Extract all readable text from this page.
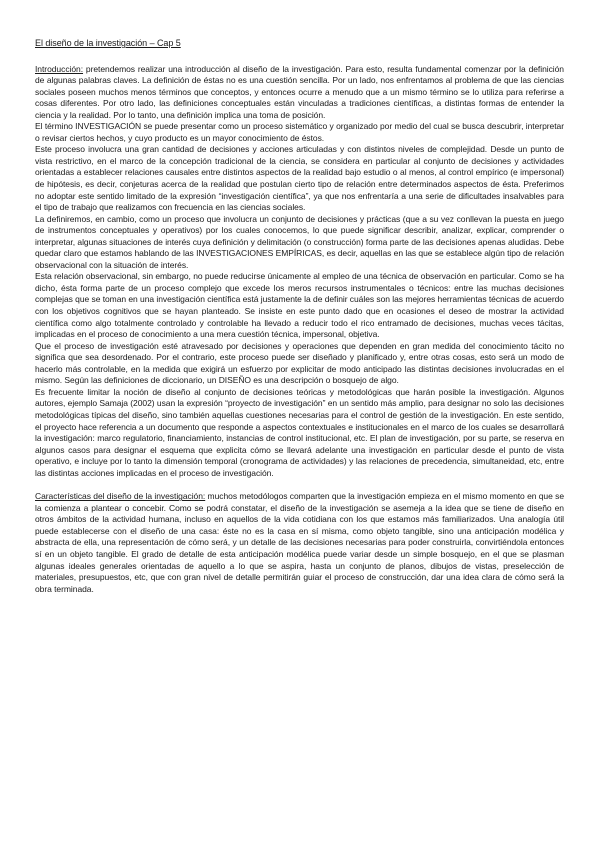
El diseño de la investigación – Cap 5

Introducción: pretendemos realizar una introducción al diseño de la investigación. Para esto, resulta fundamental comenzar por la definición de algunas palabras claves. La definición de éstas no es una cuestión sencilla. Por un lado, nos enfrentamos al problema de que las ciencias sociales poseen muchos menos términos que conceptos, y entonces ocurre a menudo que a un mismo término se lo utiliza para referirse a cosas diferentes. Por otro lado, las definiciones conceptuales están vinculadas a tradiciones científicas, a distintas formas de entender la ciencia y la realidad. Por lo tanto, una definición implica una toma de posición.

El término INVESTIGACIÓN se puede presentar como un proceso sistemático y organizado por medio del cual se busca descubrir, interpretar o revisar ciertos hechos, y cuyo producto es un mayor conocimiento de éstos.

Este proceso involucra una gran cantidad de decisiones y acciones articuladas y con distintos niveles de complejidad. Desde un punto de vista restrictivo, en el marco de la concepción tradicional de la ciencia, se considera en particular al conjunto de decisiones y actividades orientadas a establecer relaciones causales entre distintos aspectos de la realidad bajo estudio o al menos, al control empírico (e impersonal) de hipótesis, es decir, conjeturas acerca de la realidad que postulan cierto tipo de relación entre determinados aspectos de ésta. Preferimos no adoptar este sentido limitado de la expresión “investigación científica”, ya que nos enfrentaría a una serie de dificultades insalvables para el tipo de trabajo que realizamos con frecuencia en las ciencias sociales.

La definiremos, en cambio, como un proceso que involucra un conjunto de decisiones y prácticas (que a su vez conllevan la puesta en juego de instrumentos conceptuales y operativos) por los cuales conocemos, lo que puede significar describir, analizar, explicar, comprender o interpretar, algunas situaciones de interés cuya definición y delimitación (o construcción) forma parte de las decisiones apenas aludidas. Debe quedar claro que estamos hablando de las INVESTIGACIONES EMPÍRICAS, es decir, aquellas en las que se establece algún tipo de relación observacional con la situación de interés.

Esta relación observacional, sin embargo, no puede reducirse únicamente al empleo de una técnica de observación en particular. Como se ha dicho, ésta forma parte de un proceso complejo que excede los meros recursos instrumentales o técnicos: entre las muchas decisiones complejas que se toman en una investigación científica está justamente la de definir cuáles son las mejores herramientas técnicas de acuerdo con los objetivos cognitivos que se hayan planteado. Se insiste en este punto dado que en ocasiones el deseo de mostrar la actividad científica como algo totalmente controlado y controlable ha llevado a reducir todo el rico entramado de decisiones, muchas veces tácitas, implicadas en el proceso de conocimiento a una mera cuestión técnica, impersonal, objetiva.

Que el proceso de investigación esté atravesado por decisiones y operaciones que dependen en gran medida del conocimiento tácito no significa que sea desordenado. Por el contrario, este proceso puede ser diseñado y planificado y, entre otras cosas, esto será un modo de hacerlo más controlable, en la medida que exigirá un esfuerzo por explicitar de modo anticipado las distintas decisiones involucradas en el mismo. Según las definiciones de diccionario, un DISEÑO es una descripción o bosquejo de algo.

Es frecuente limitar la noción de diseño al conjunto de decisiones teóricas y metodológicas que harán posible la investigación. Algunos autores, ejemplo Samaja (2002) usan la expresión “proyecto de investigación” en un sentido más amplio, para designar no solo las decisiones metodológicas típicas del diseño, sino también aquellas cuestiones necesarias para el control de gestión de la investigación. En este sentido, el proyecto hace referencia a un documento que responde a aspectos contextuales e institucionales en el marco de los cuales se desarrollará la investigación: marco regulatorio, financiamiento, instancias de control institucional, etc. El plan de investigación, por su parte, se reserva en algunos casos para designar el esquema que explicita cómo se llevará adelante una investigación en particular desde el punto de vista operativo, e incluye por lo tanto la dimensión temporal (cronograma de actividades) y las relaciones de precedencia, simultaneidad, etc, entre las distintas acciones implicadas en el proceso de investigación.

Características del diseño de la investigación: muchos metodólogos comparten que la investigación empieza en el mismo momento en que se la comienza a plantear o concebir. Como se podrá constatar, el diseño de la investigación se asemeja a la idea que se tiene de diseño en otros ámbitos de la actividad humana, incluso en aquellos de la vida cotidiana con los que estamos más familiarizados. Una analogía útil puede establecerse con el diseño de una casa: éste no es la casa en sí misma, como objeto tangible, sino una anticipación modélica y abstracta de ella, una representación de cómo será, y un detalle de las decisiones necesarias para poder construirla, convirtiéndola entonces sí en un objeto tangible. El grado de detalle de esta anticipación modélica puede variar desde un simple bosquejo, en el que se plasman algunas ideales generales orientadas de aquello a lo que se aspira, hasta un conjunto de planos, dibujos de vistas, preselección de materiales, presupuestos, etc, que con gran nivel de detalle permitirán guiar el proceso de construcción, dar una idea clara de cómo será la obra terminada.
